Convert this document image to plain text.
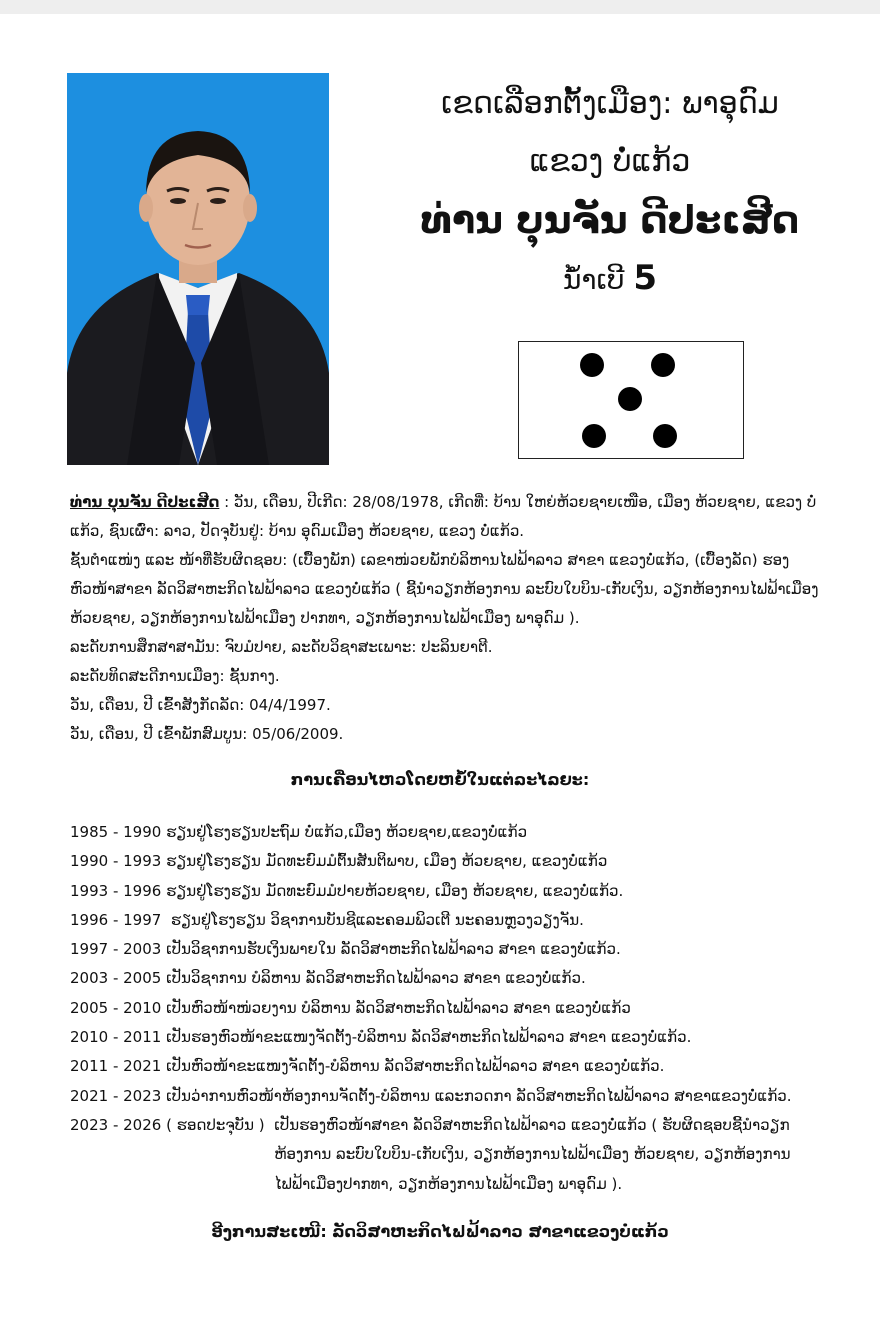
ເຂດເລືອກຕັ້ງເມືອງ: ພາອຸດົມ
ແຂວງ ບໍ່ແກ້ວ
ທ່ານ ບຸນຈັນ ດີປະເສີດ
ນໍ້າເບີ 5

ທ່ານ ບຸນຈັນ ດີປະເສີດ : ວັນ, ເດືອນ, ປີເກີດ: 28/08/1978, ເກີດທີ່: ບ້ານ ໃຫຍ່ຫ້ວຍຊາຍເໜືອ, ເມືອງ ຫ້ວຍຊາຍ, ແຂວງ ບໍ່ແກ້ວ, ຊົນເຜົ່າ: ລາວ, ປັດຈຸບັນຢູ່: ບ້ານ ອຸດົມເມືອງ ຫ້ວຍຊາຍ, ແຂວງ ບໍ່ແກ້ວ.

ຊັ້ນຕຳແໜ່ງ ແລະ ໜ້າທີ່ຮັບຜິດຊອບ: (ເບື້ອງພັກ) ເລຂາໜ່ວຍພັກບໍລິຫານໄຟຟ້າລາວ ສາຂາ ແຂວງບໍ່ແກ້ວ, (ເບື້ອງລັດ) ຮອງຫົວໜ້າສາຂາ ລັດວິສາຫະກິດໄຟຟ້າລາວ ແຂວງບໍ່ແກ້ວ ( ຊີ້ນຳວຽກຫ້ອງການ ລະບົບໃບບິນ-ເກັບເງິນ, ວຽກຫ້ອງການໄຟຟ້າເມືອງ ຫ້ວຍຊາຍ, ວຽກຫ້ອງການໄຟຟ້າເມືອງ ປາກທາ, ວຽກຫ້ອງການໄຟຟ້າເມືອງ ພາອຸດົມ ).

ລະດັບການສຶກສາສາມັນ: ຈົບມໍປາຍ, ລະດັບວິຊາສະເພາະ: ປະລິນຍາຕີ.

ລະດັບທິດສະດີການເມືອງ: ຊັ້ນກາງ.

ວັນ, ເດືອນ, ປີ ເຂົ້າສັງກັດລັດ: 04/4/1997.

ວັນ, ເດືອນ, ປີ ເຂົ້າພັກສົມບູນ: 05/06/2009.

ການເຄື່ອນໄຫວໂດຍຫຍໍ້ໃນແຕ່ລະໄລຍະ:
1985 - 1990
ຮຽນຢູ່ໂຮງຮຽນປະຖົມ ບໍ່ແກ້ວ,ເມືອງ ຫ້ວຍຊາຍ,ແຂວງບໍ່ແກ້ວ
1990 - 1993
ຮຽນຢູ່ໂຮງຮຽນ ມັດທະຍົມມໍຕົ້ນສັນຕິພາບ, ເມືອງ ຫ້ວຍຊາຍ, ແຂວງບໍ່ແກ້ວ
1993 - 1996
ຮຽນຢູ່ໂຮງຮຽນ ມັດທະຍົມມໍປາຍຫ້ວຍຊາຍ, ເມືອງ ຫ້ວຍຊາຍ, ແຂວງບໍ່ແກ້ວ.
1996 - 1997
ຮຽນຢູ່ໂຮງຮຽນ ວິຊາການບັນຊີແລະຄອມພິວເຕີ ນະຄອນຫຼວງວຽງຈັນ.
1997 - 2003
ເປັນວິຊາການຮັບເງິນພາຍໃນ ລັດວິສາຫະກິດໄຟຟ້າລາວ ສາຂາ ແຂວງບໍ່ແກ້ວ.
2003 - 2005
ເປັນວິຊາການ ບໍລິຫານ ລັດວິສາຫະກິດໄຟຟ້າລາວ ສາຂາ ແຂວງບໍ່ແກ້ວ.
2005 - 2010
ເປັນຫົວໜ້າໜ່ວຍງານ ບໍລິຫານ ລັດວິສາຫະກິດໄຟຟ້າລາວ ສາຂາ ແຂວງບໍ່ແກ້ວ
2010 - 2011
ເປັນຮອງຫົວໜ້າຂະແໜງຈັດຕັ້ງ-ບໍລິຫານ ລັດວິສາຫະກິດໄຟຟ້າລາວ ສາຂາ ແຂວງບໍ່ແກ້ວ.
2011 - 2021
ເປັນຫົວໜ້າຂະແໜງຈັດຕັ້ງ-ບໍລິຫານ ລັດວິສາຫະກິດໄຟຟ້າລາວ ສາຂາ ແຂວງບໍ່ແກ້ວ.
2021 - 2023
ເປັນວ່າການຫົວໜ້າຫ້ອງການຈັດຕັ້ງ-ບໍລິຫານ ແລະກວດກາ ລັດວິສາຫະກິດໄຟຟ້າລາວ ສາຂາແຂວງບໍ່ແກ້ວ.
2023 - 2026 ( ຮອດປະຈຸບັນ )
ເປັນຮອງຫົວໜ້າສາຂາ ລັດວິສາຫະກິດໄຟຟ້າລາວ ແຂວງບໍ່ແກ້ວ ( ຮັບຜິດຊອບຊີ້ນຳວຽກຫ້ອງການ ລະບົບໃບບິນ-ເກັບເງິນ, ວຽກຫ້ອງການໄຟຟ້າເມືອງ ຫ້ວຍຊາຍ, ວຽກຫ້ອງການໄຟຟ້າເມືອງປາກທາ, ວຽກຫ້ອງການໄຟຟ້າເມືອງ ພາອຸດົມ ).
ອີງການສະເໜີ: ລັດວິສາຫະກິດໄຟຟ້າລາວ ສາຂາແຂວງບໍ່ແກ້ວ
